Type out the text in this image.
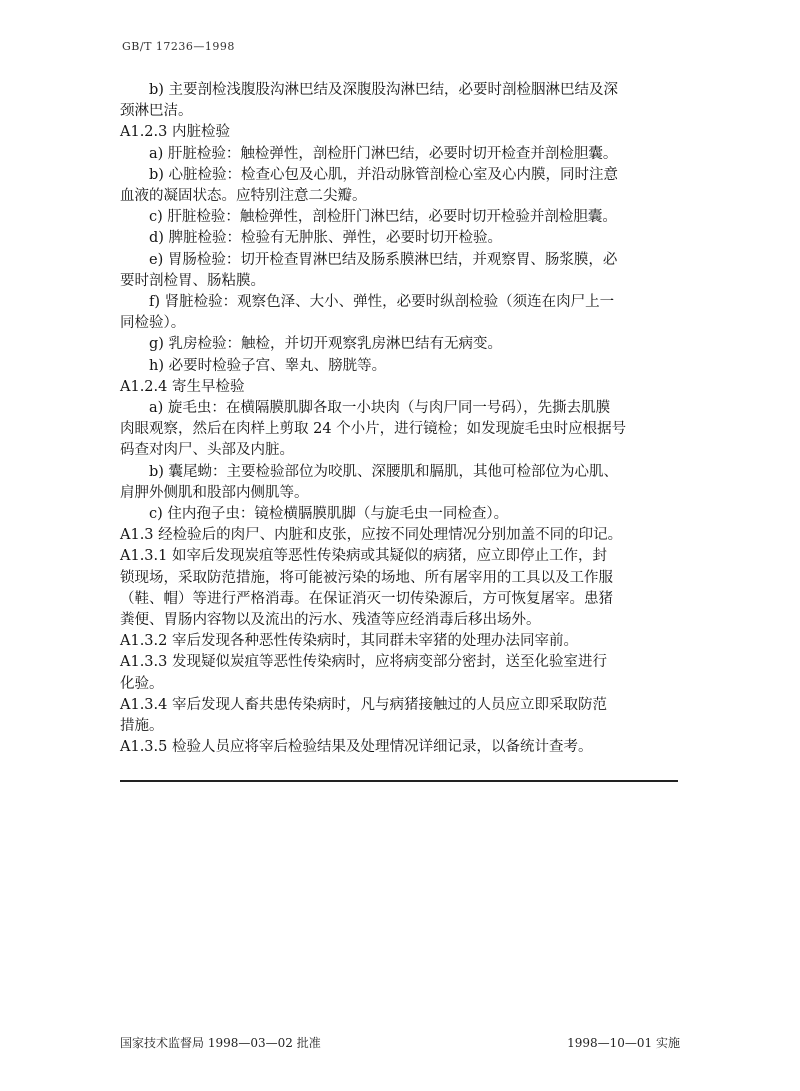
GB/T 17236—1998
b) 主要剖检浅腹股沟淋巴结及深腹股沟淋巴结，必要时剖检胭淋巴结及深
颈淋巴洁。
A1.2.3 内脏检验
a) 肝脏检验：触检弹性，剖检肝门淋巴结，必要时切开检查并剖检胆囊。
b) 心脏检验：检查心包及心肌，并沿动脉管剖检心室及心内膜，同时注意
血液的凝固状态。应特别注意二尖瓣。
c) 肝脏检验：触检弹性，剖检肝门淋巴结，必要时切开检验并剖检胆囊。
d) 脾脏检验：检验有无肿胀、弹性，必要时切开检验。
e) 胃肠检验：切开检查胃淋巴结及肠系膜淋巴结，并观察胃、肠浆膜，必
要时剖检胃、肠粘膜。
f) 肾脏检验：观察色泽、大小、弹性，必要时纵剖检验（须连在肉尸上一
同检验）。
g) 乳房检验：触检，并切开观察乳房淋巴结有无病变。
h) 必要时检验子宫、睾丸、膀胱等。
A1.2.4 寄生早检验
a) 旋毛虫：在横隔膜肌脚各取一小块肉（与肉尸同一号码），先撕去肌膜
肉眼观察，然后在肉样上剪取 24 个小片，进行镜检；如发现旋毛虫时应根据号
码查对肉尸、头部及内脏。
b) 囊尾蚴：主要检验部位为咬肌、深腰肌和膈肌，其他可检部位为心肌、
肩胛外侧肌和股部内侧肌等。
c) 住内孢子虫：镜检横膈膜肌脚（与旋毛虫一同检查）。
A1.3 经检验后的肉尸、内脏和皮张，应按不同处理情况分别加盖不同的印记。
A1.3.1 如宰后发现炭疽等恶性传染病或其疑似的病猪，应立即停止工作，封
锁现场，采取防范措施，将可能被污染的场地、所有屠宰用的工具以及工作服
（鞋、帽）等进行严格消毒。在保证消灭一切传染源后，方可恢复屠宰。患猪
粪便、胃肠内容物以及流出的污水、残渣等应经消毒后移出场外。
A1.3.2 宰后发现各种恶性传染病时，其同群未宰猪的处理办法同宰前。
A1.3.3 发现疑似炭疽等恶性传染病时，应将病变部分密封，送至化验室进行
化验。
A1.3.4 宰后发现人畜共患传染病时，凡与病猪接触过的人员应立即采取防范
措施。
A1.3.5 检验人员应将宰后检验结果及处理情况详细记录，以备统计查考。
国家技术监督局 1998—03—02 批准	1998—10—01 实施
